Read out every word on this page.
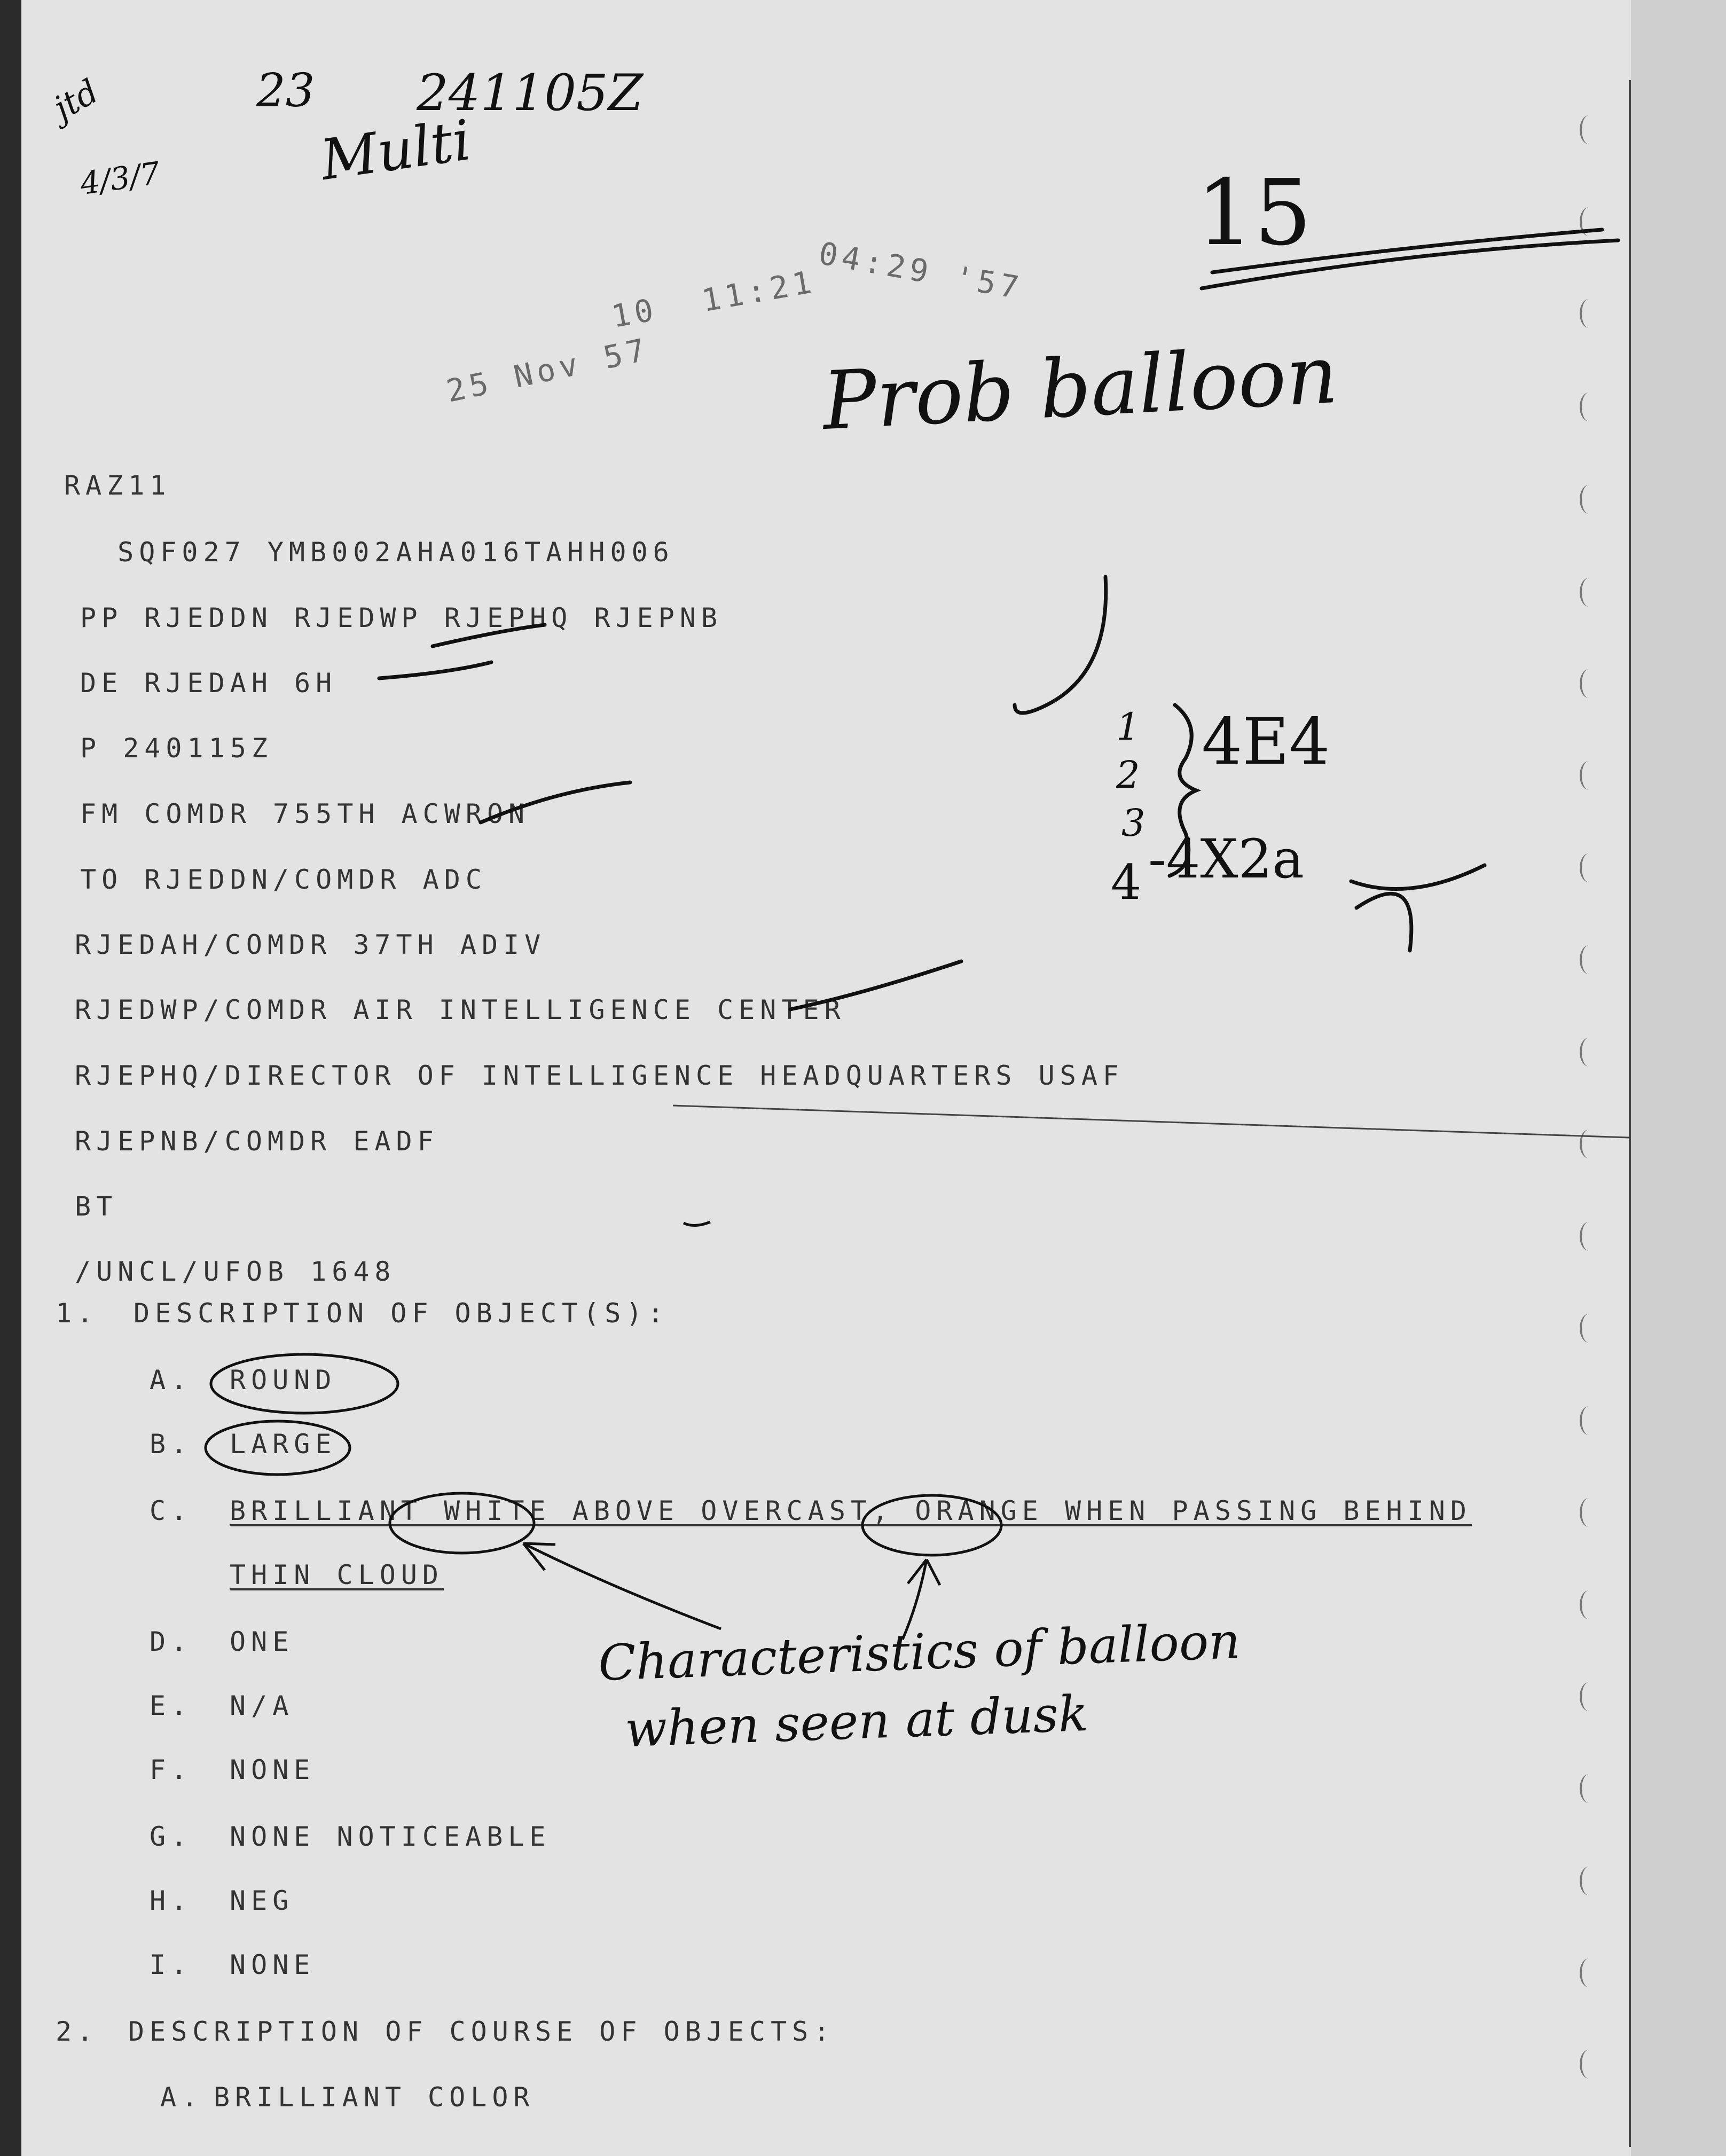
jtd
4/3/7
23 241105Z
Multi
15
Prob balloon
25 Nov 57
10  11:21
04:29 '57
1
2
3
4
4E4
-4X2a
Characteristics of balloon
when seen at dusk
RAZ11
SQF027 YMB002AHA016TAHH006
PP RJEDDN RJEDWP RJEPHQ RJEPNB
DE RJEDAH 6H
P 240115Z
FM COMDR 755TH ACWRON
TO RJEDDN/COMDR ADC
RJEDAH/COMDR 37TH ADIV
RJEDWP/COMDR AIR INTELLIGENCE CENTER
RJEPHQ/DIRECTOR OF INTELLIGENCE HEADQUARTERS USAF
RJEPNB/COMDR EADF
BT
/UNCL/UFOB 1648
1. DESCRIPTION OF OBJECT(S):
A. ROUND
B. LARGE
C. BRILLIANT WHITE ABOVE OVERCAST, ORANGE WHEN PASSING BEHIND
THIN CLOUD
D. ONE
E. N/A
F. NONE
G. NONE NOTICEABLE
H. NEG
I. NONE
2. DESCRIPTION OF COURSE OF OBJECTS:
A. BRILLIANT COLOR
